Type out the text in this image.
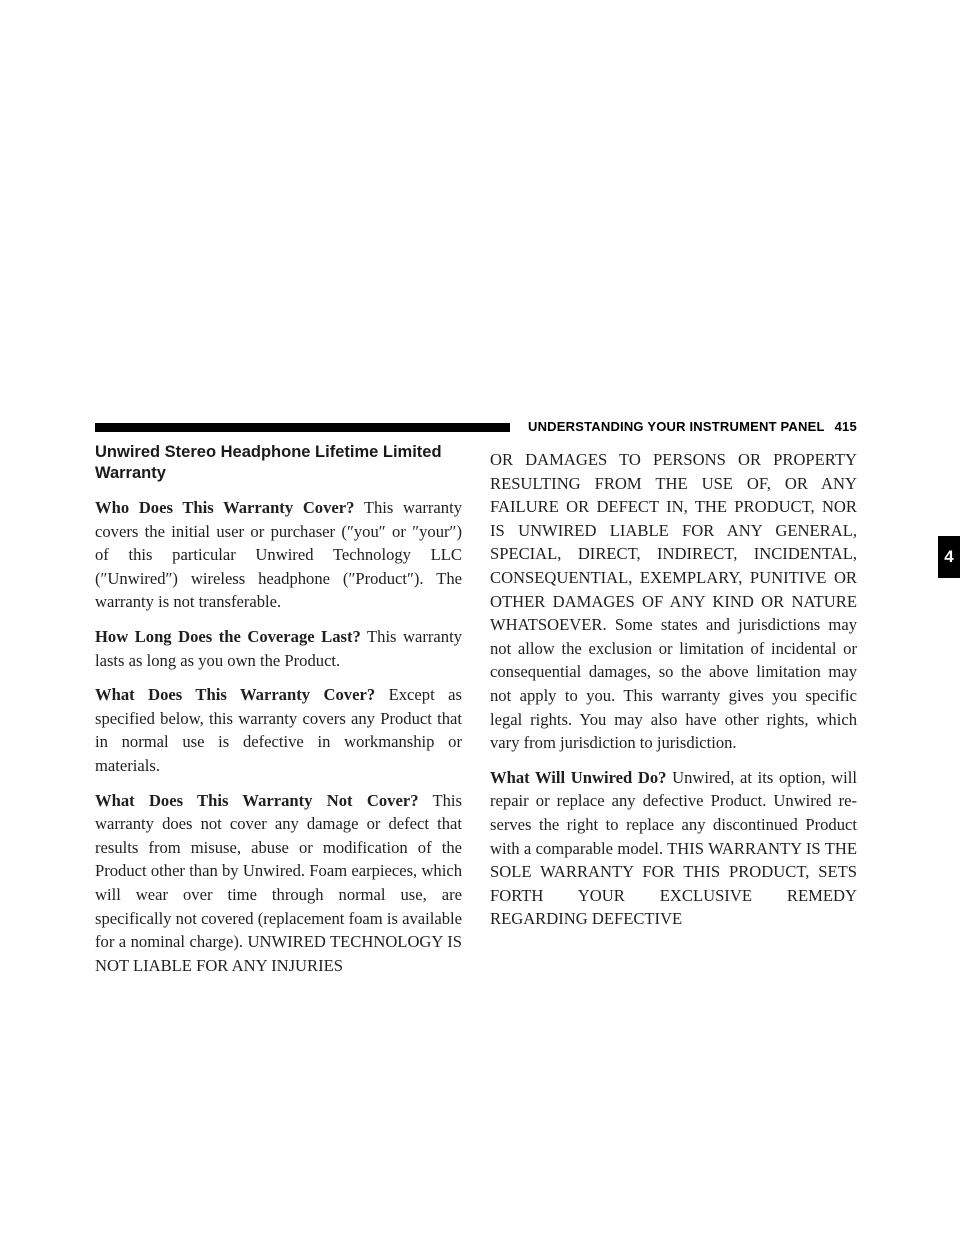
UNDERSTANDING YOUR INSTRUMENT PANEL 415
4
Unwired Stereo Headphone Lifetime Limited Warranty

Who Does This Warranty Cover? This warranty covers the initial user or purchaser (″you″ or ″your″) of this particular Unwired Technology LLC (″Unwired″) wireless headphone (″Product″). The warranty is not transferable.

How Long Does the Coverage Last? This warranty lasts as long as you own the Product.

What Does This Warranty Cover? Except as specified below, this warranty covers any Product that in normal use is defective in workmanship or materials.

What Does This Warranty Not Cover? This warranty does not cover any damage or defect that results from misuse, abuse or modification of the Product other than by Unwired. Foam earpieces, which will wear over time through normal use, are specifically not covered (replacement foam is available for a nominal charge). UNWIRED TECHNOLOGY IS NOT LIABLE FOR ANY INJURIES

OR DAMAGES TO PERSONS OR PROPERTY RESULTING FROM THE USE OF, OR ANY FAILURE OR DEFECT IN, THE PRODUCT, NOR IS UNWIRED LIABLE FOR ANY GENERAL, SPECIAL, DIRECT, INDIRECT, INCIDENTAL, CONSEQUENTIAL, EXEMPLARY, PUNITIVE OR OTHER DAMAGES OF ANY KIND OR NATURE WHATSOEVER. Some states and jurisdictions may not allow the exclusion or limitation of incidental or consequential damages, so the above limitation may not apply to you. This warranty gives you specific legal rights. You may also have other rights, which vary from jurisdiction to jurisdiction.

What Will Unwired Do? Unwired, at its option, will repair or replace any defective Product. Unwired reserves the right to replace any discontinued Product with a comparable model. THIS WARRANTY IS THE SOLE WARRANTY FOR THIS PRODUCT, SETS FORTH YOUR EXCLUSIVE REMEDY REGARDING DEFECTIVE
